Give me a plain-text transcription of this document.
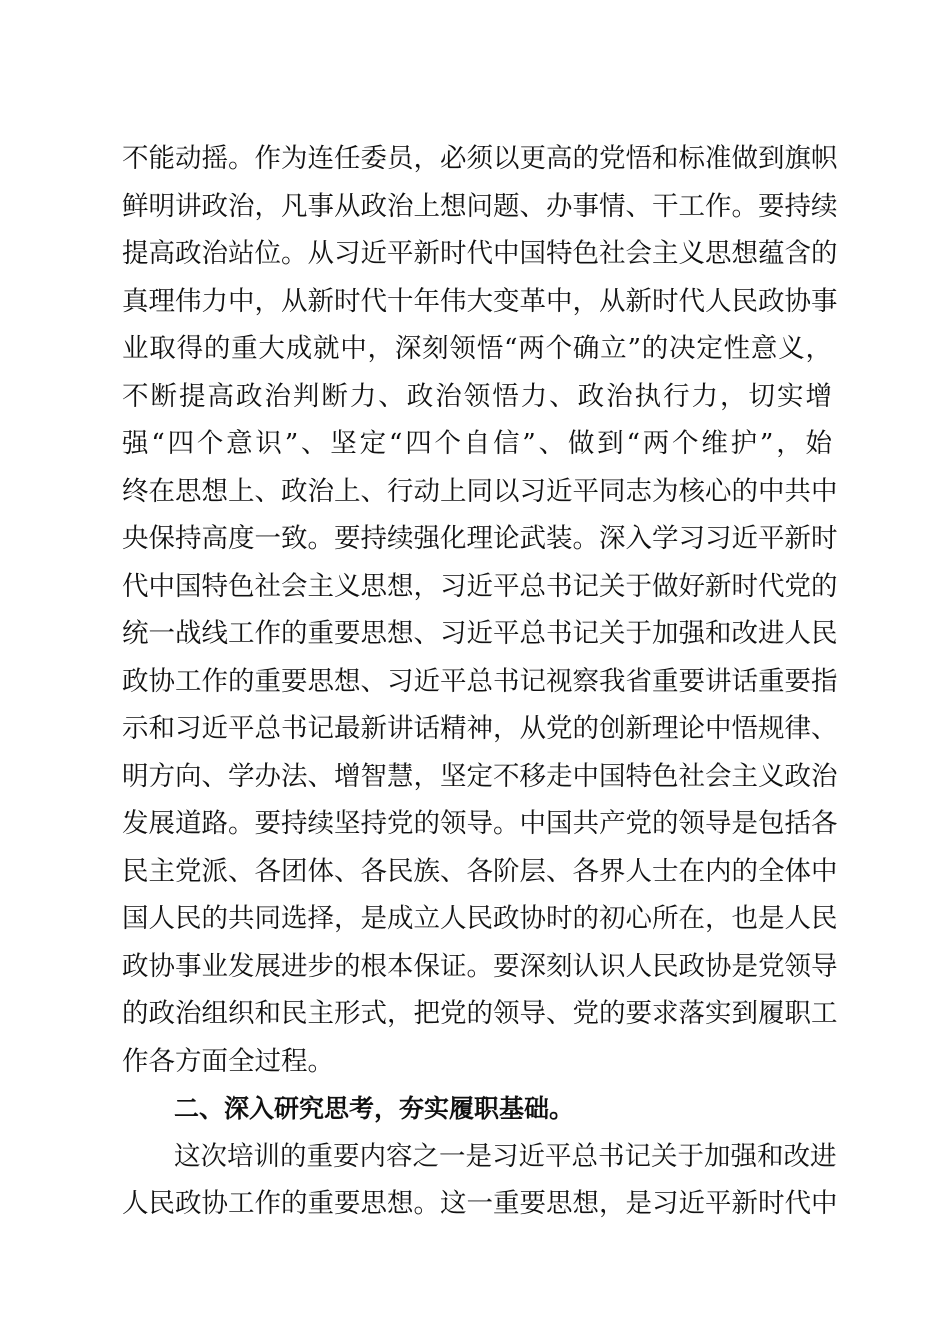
不能动摇。作为连任委员，必须以更高的党悟和标准做到旗帜
鲜明讲政治，凡事从政治上想问题、办事情、干工作。要持续
提高政治站位。从习近平新时代中国特色社会主义思想蕴含的
真理伟力中，从新时代十年伟大变革中，从新时代人民政协事
业取得的重大成就中，深刻领悟“两个确立”的决定性意义，
不断提高政治判断力、政治领悟力、政治执行力，切实增
强“四个意识”、坚定“四个自信”、做到“两个维护”，始
终在思想上、政治上、行动上同以习近平同志为核心的中共中
央保持高度一致。要持续强化理论武装。深入学习习近平新时
代中国特色社会主义思想，习近平总书记关于做好新时代党的
统一战线工作的重要思想、习近平总书记关于加强和改进人民
政协工作的重要思想、习近平总书记视察我省重要讲话重要指
示和习近平总书记最新讲话精神，从党的创新理论中悟规律、
明方向、学办法、增智慧，坚定不移走中国特色社会主义政治
发展道路。要持续坚持党的领导。中国共产党的领导是包括各
民主党派、各团体、各民族、各阶层、各界人士在内的全体中
国人民的共同选择，是成立人民政协时的初心所在，也是人民
政协事业发展进步的根本保证。要深刻认识人民政协是党领导
的政治组织和民主形式，把党的领导、党的要求落实到履职工
作各方面全过程。
二、深入研究思考，夯实履职基础。
这次培训的重要内容之一是习近平总书记关于加强和改进
人民政协工作的重要思想。这一重要思想，是习近平新时代中
